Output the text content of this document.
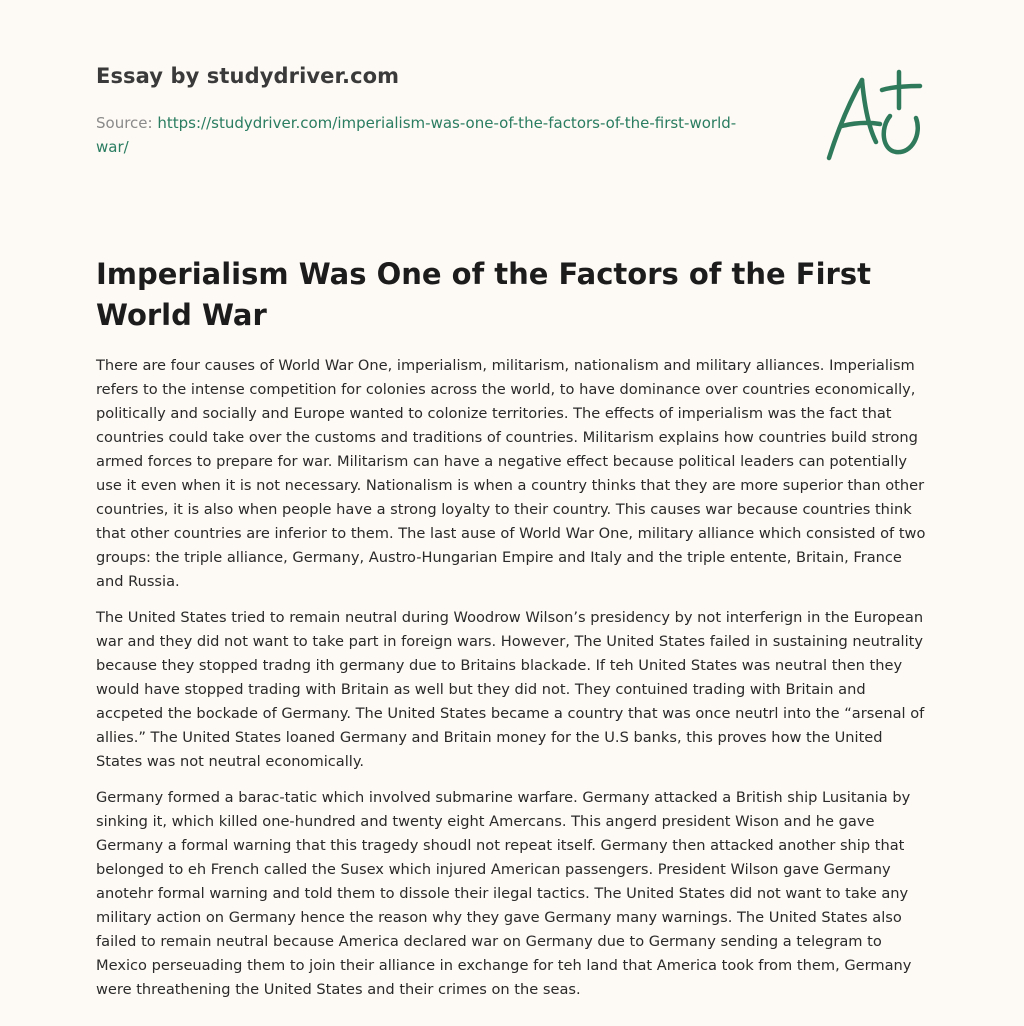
Essay by studydriver.com
Source: https://studydriver.com/imperialism-was-one-of-the-factors-of-the-first-world-war/
Imperialism Was One of the Factors of the First World War

There are four causes of World War One, imperialism, militarism, nationalism and military alliances. Imperialism refers to the intense competition for colonies across the world, to have dominance over countries economically, politically and socially and Europe wanted to colonize territories. The effects of imperialism was the fact that countries could take over the customs and traditions of countries. Militarism explains how countries build strong armed forces to prepare for war. Militarism can have a negative effect because political leaders can potentially use it even when it is not necessary. Nationalism is when a country thinks that they are more superior than other countries, it is also when people have a strong loyalty to their country. This causes war because countries think that other countries are inferior to them. The last ause of World War One, military alliance which consisted of two groups: the triple alliance, Germany, Austro-Hungarian Empire and Italy and the triple entente, Britain, France and Russia.

The United States tried to remain neutral during Woodrow Wilson’s presidency by not interferign in the European war and they did not want to take part in foreign wars. However, The United States failed in sustaining neutrality because they stopped tradng ith germany due to Britains blackade. If teh United States was neutral then they would have stopped trading with Britain as well but they did not. They contuined trading with Britain and accpeted the bockade of Germany. The United States became a country that was once neutrl into the “arsenal of allies.” The United States loaned Germany and Britain money for the U.S banks, this proves how the United States was not neutral economically.

Germany formed a barac-tatic which involved submarine warfare. Germany attacked a British ship Lusitania by sinking it, which killed one-hundred and twenty eight Amercans. This angerd president Wison and he gave Germany a formal warning that this tragedy shoudl not repeat itself. Germany then attacked another ship that belonged to eh French called the Susex which injured American passengers. President Wilson gave Germany anotehr formal warning and told them to dissole their ilegal tactics. The United States did not want to take any military action on Germany hence the reason why they gave Germany many warnings. The United States also failed to remain neutral because America declared war on Germany due to Germany sending a telegram to Mexico perseuading them to join their alliance in exchange for teh land that America took from them, Germany were threathening the United States and their crimes on the seas.
